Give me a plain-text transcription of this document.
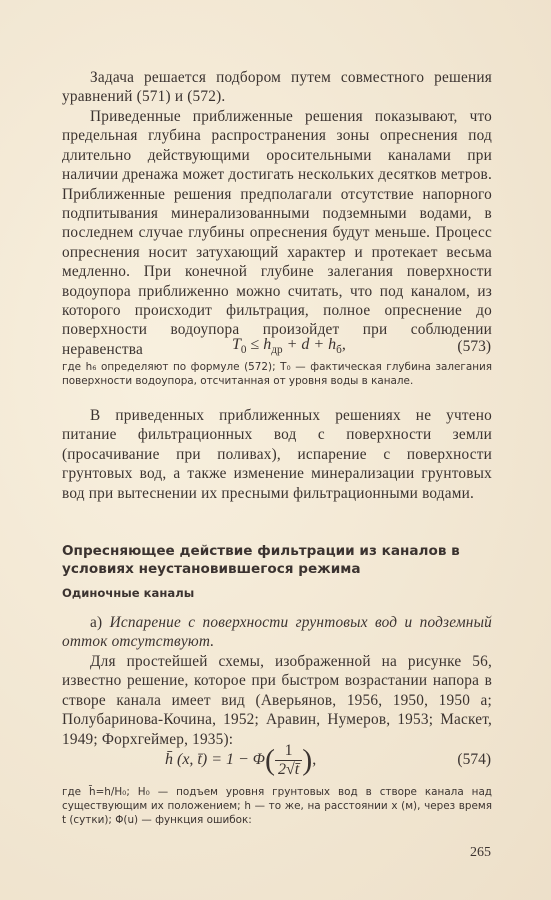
Задача решается подбором путем совместного решения уравнений (571) и (572).

Приведенные приближенные решения показывают, что предельная глубина распространения зоны опреснения под длительно действующими оросительными каналами при наличии дренажа может достигать нескольких десятков метров. Приближенные решения предполагали отсутствие напорного подпитывания минерализованными подземными водами, в последнем случае глубины опреснения будут меньше. Процесс опреснения носит затухающий характер и протекает весьма медленно. При конечной глубине залегания поверхности водоупора приближенно можно считать, что под каналом, из которого происходит фильтрация, полное опреснение до поверхности водоупора произойдет при соблюдении неравенства	$T_0 \le h_{др} + d + h_б$,	(573)

где h₆ определяют по формуле (572); T₀ — фактическая глубина залегания поверхности водоупора, отсчитанная от уровня воды в канале.

В приведенных приближенных решениях не учтено питание фильтрационных вод с поверхности земли (просачивание при поливах), испарение с поверхности грунтовых вод, а также изменение минерализации грунтовых вод при вытеснении их пресными фильтрационными водами.

Опресняющее действие фильтрации из каналов в условиях неустановившегося режима
Одиночные каналы

а) Испарение с поверхности грунтовых вод и подземный отток отсутствуют.

Для простейшей схемы, изображенной на рисунке 56, известно решение, которое при быстром возрастании напора в створе канала имеет вид (Аверьянов, 1956, 1950, 1950 а; Полубаринова-Кочина, 1952; Аравин, Нумеров, 1953; Маскет, 1949; Форхгеймер, 1935):

h̄ (x, t̄) = $1 - \Phi( \frac{1}{2√t̄}$ ),	(574)

где h̄=h/H₀; H₀ — подъем уровня грунтовых вод в створе канала над существующим их положением; h — то же, на расстоянии x (м), через время t (сутки); Φ(u) — функция ошибок:

265
